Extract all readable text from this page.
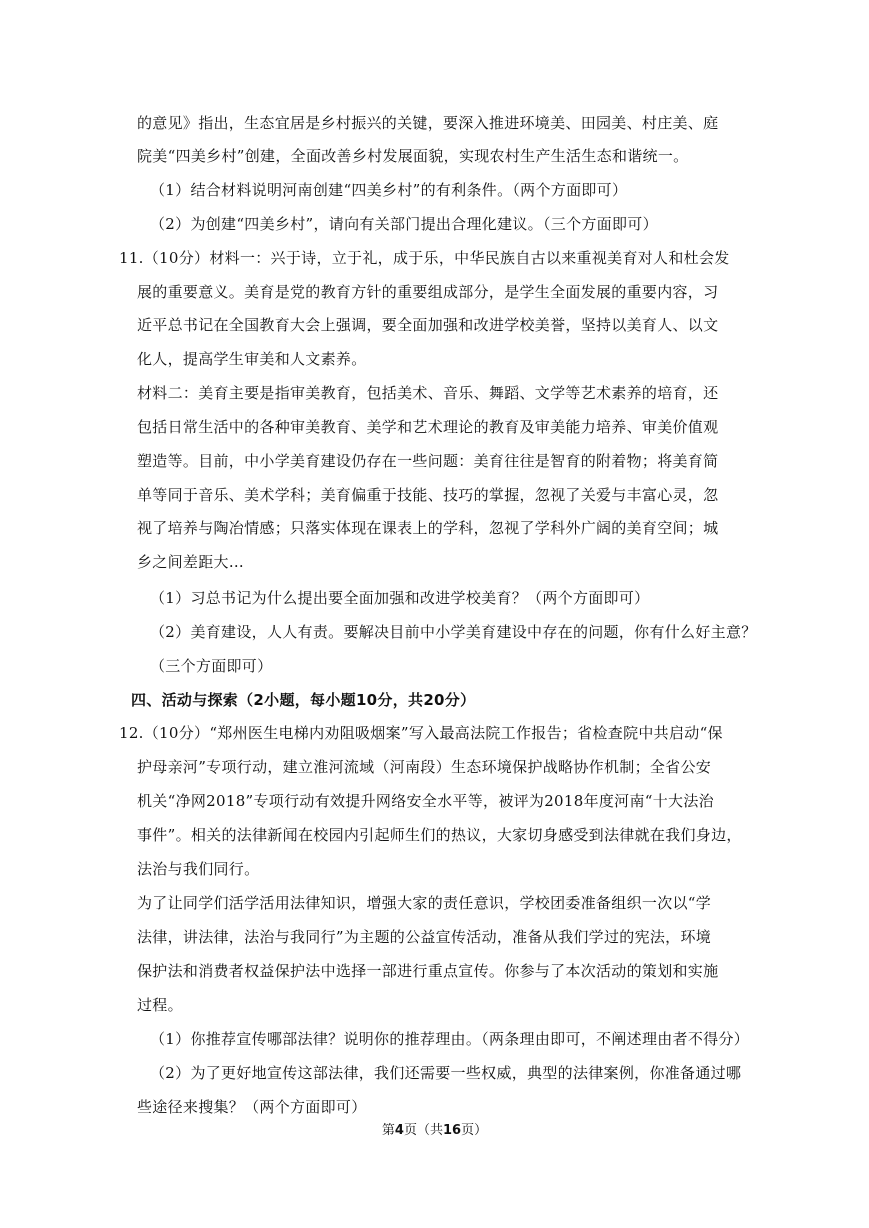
的意见》指出，生态宜居是乡村振兴的关键，要深入推进环境美、田园美、村庄美、庭
院美“四美乡村”创建，全面改善乡村发展面貌，实现农村生产生活生态和谐统一。
（1）结合材料说明河南创建“四美乡村”的有利条件。（两个方面即可）
（2）为创建“四美乡村”，请向有关部门提出合理化建议。（三个方面即可）
11.（10分）材料一：兴于诗，立于礼，成于乐，中华民族自古以来重视美育对人和杜会发
展的重要意义。美育是党的教育方针的重要组成部分，是学生全面发展的重要内容，习
近平总书记在全国教育大会上强调，要全面加强和改进学校美誉，坚持以美育人、以文
化人，提高学生审美和人文素养。
材料二：美育主要是指审美教育，包括美术、音乐、舞蹈、文学等艺术素养的培育，还
包括日常生活中的各种审美教育、美学和艺术理论的教育及审美能力培养、审美价值观
塑造等。目前，中小学美育建设仍存在一些问题：美育往往是智育的附着物；将美育简
单等同于音乐、美术学科；美育偏重于技能、技巧的掌握，忽视了关爱与丰富心灵，忽
视了培养与陶冶情感；只落实体现在课表上的学科，忽视了学科外广阔的美育空间；城
乡之间差距大…
（1）习总书记为什么提出要全面加强和改进学校美育？（两个方面即可）
（2）美育建设，人人有责。要解决目前中小学美育建设中存在的问题，你有什么好主意？
（三个方面即可）
四、活动与探索（2小题，每小题10分，共20分）
12.（10分）“郑州医生电梯内劝阻吸烟案”写入最高法院工作报告；省检查院中共启动“保
护母亲河”专项行动，建立淮河流域（河南段）生态环境保护战略协作机制；全省公安
机关“净网2018”专项行动有效提升网络安全水平等，被评为2018年度河南“十大法治
事件”。相关的法律新闻在校园内引起师生们的热议，大家切身感受到法律就在我们身边，
法治与我们同行。
为了让同学们活学活用法律知识，增强大家的责任意识，学校团委准备组织一次以“学
法律，讲法律，法治与我同行”为主题的公益宣传活动，准备从我们学过的宪法，环境
保护法和消费者权益保护法中选择一部进行重点宣传。你参与了本次活动的策划和实施
过程。
（1）你推荐宣传哪部法律？说明你的推荐理由。（两条理由即可，不阐述理由者不得分）
（2）为了更好地宣传这部法律，我们还需要一些权威，典型的法律案例，你准备通过哪
些途径来搜集？（两个方面即可）
第4页（共16页）
